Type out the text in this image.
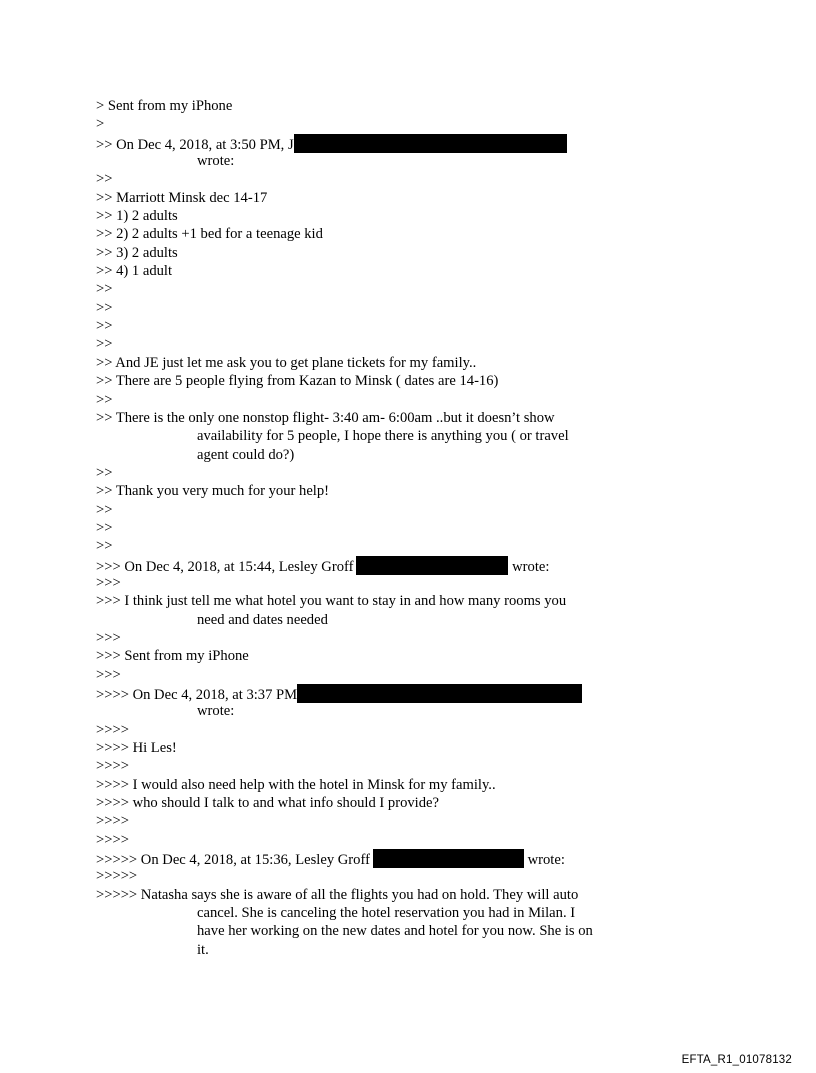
> Sent from my iPhone
>
>> On Dec 4, 2018, at 3:50 PM, J
wrote:
>>
>> Marriott Minsk dec 14-17
>> 1) 2 adults
>> 2) 2 adults +1 bed for a teenage kid
>> 3) 2 adults
>> 4) 1 adult
>>
>>
>>
>>
>> And JE just let me ask you to get plane tickets for my family..
>> There are 5 people flying from Kazan to Minsk ( dates are 14-16)
>>
>> There is the only one nonstop flight- 3:40 am- 6:00am ..but it doesn’t show
availability for 5 people, I hope there is anything you ( or travel
agent could do?)
>>
>> Thank you very much for your help!
>>
>>
>>
>>> On Dec 4, 2018, at 15:44, Lesley Groff	wrote:
>>>
>>> I think just tell me what hotel you want to stay in and how many rooms you
need and dates needed
>>>
>>> Sent from my iPhone
>>>
>>>> On Dec 4, 2018, at 3:37 PM
wrote:
>>>>
>>>> Hi Les!
>>>>
>>>> I would also need help with the hotel in Minsk for my family..
>>>> who should I talk to and what info should I provide?
>>>>
>>>>
>>>>> On Dec 4, 2018, at 15:36, Lesley Groff	wrote:
>>>>>
>>>>> Natasha says she is aware of all the flights you had on hold. They will auto
cancel. She is canceling the hotel reservation you had in Milan. I
have her working on the new dates and hotel for you now. She is on
it.
EFTA_R1_01078132
